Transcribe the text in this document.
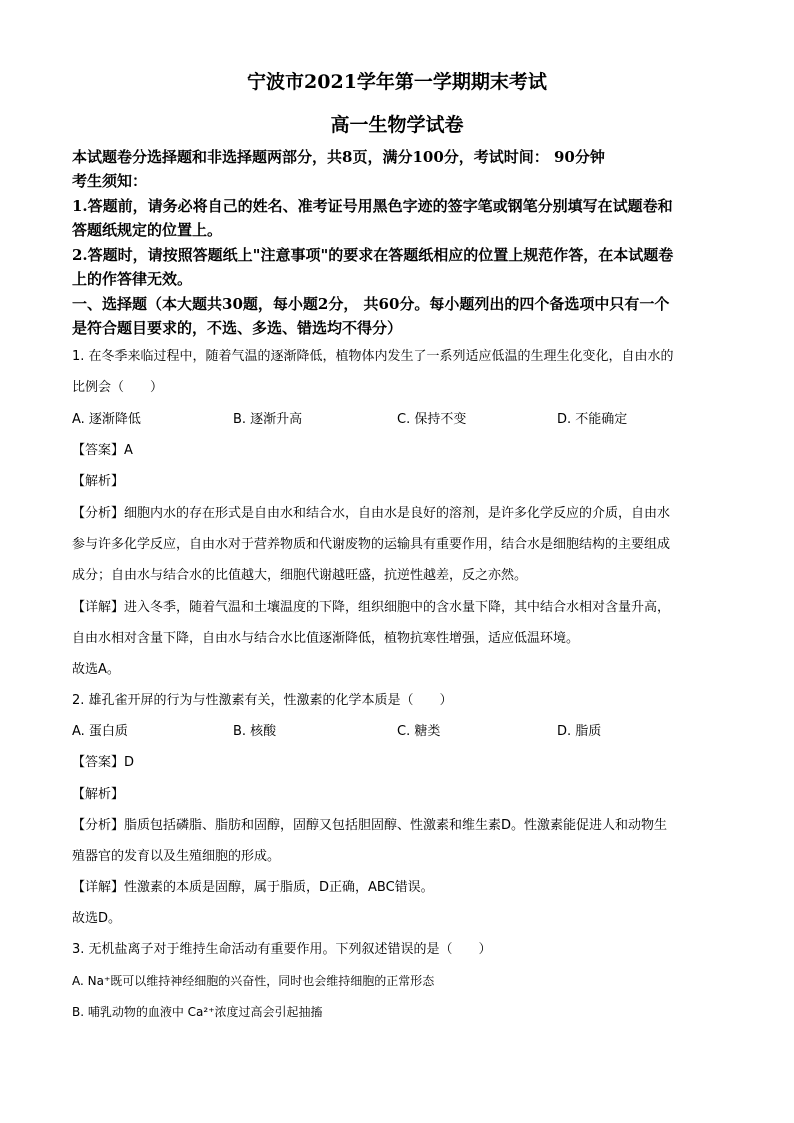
宁波市2021学年第一学期期末考试
高一生物学试卷
本试题卷分选择题和非选择题两部分，共8页，满分100分，考试时间： 90分钟
考生须知：
1.答题前，请务必将自己的姓名、准考证号用黑色字迹的签字笔或钢笔分别填写在试题卷和
答题纸规定的位置上。
2.答题时，请按照答题纸上"注意事项"的要求在答题纸相应的位置上规范作答，在本试题卷
上的作答律无效。
一、选择题（本大题共30题，每小题2分， 共60分。每小题列出的四个备选项中只有一个
是符合题目要求的，不选、多选、错选均不得分）
1. 在冬季来临过程中，随着气温的逐渐降低，植物体内发生了一系列适应低温的生理生化变化，自由水的
比例会（　　）
A. 逐渐降低	B. 逐渐升高	C. 保持不变	D. 不能确定
【答案】A
【解析】
【分析】细胞内水的存在形式是自由水和结合水，自由水是良好的溶剂，是许多化学反应的介质，自由水
参与许多化学反应，自由水对于营养物质和代谢废物的运输具有重要作用，结合水是细胞结构的主要组成
成分；自由水与结合水的比值越大，细胞代谢越旺盛，抗逆性越差，反之亦然。
【详解】进入冬季，随着气温和土壤温度的下降，组织细胞中的含水量下降，其中结合水相对含量升高，
自由水相对含量下降，自由水与结合水比值逐渐降低，植物抗寒性增强，适应低温环境。
故选A。
2. 雄孔雀开屏的行为与性激素有关，性激素的化学本质是（　　）
A. 蛋白质	B. 核酸	C. 糖类	D. 脂质
【答案】D
【解析】
【分析】脂质包括磷脂、脂肪和固醇，固醇又包括胆固醇、性激素和维生素D。性激素能促进人和动物生
殖器官的发育以及生殖细胞的形成。
【详解】性激素的本质是固醇，属于脂质，D正确，ABC错误。
故选D。
3. 无机盐离子对于维持生命活动有重要作用。下列叙述错误的是（　　）
A. Na⁺既可以维持神经细胞的兴奋性，同时也会维持细胞的正常形态
B. 哺乳动物的血液中 Ca²⁺浓度过高会引起抽搐
